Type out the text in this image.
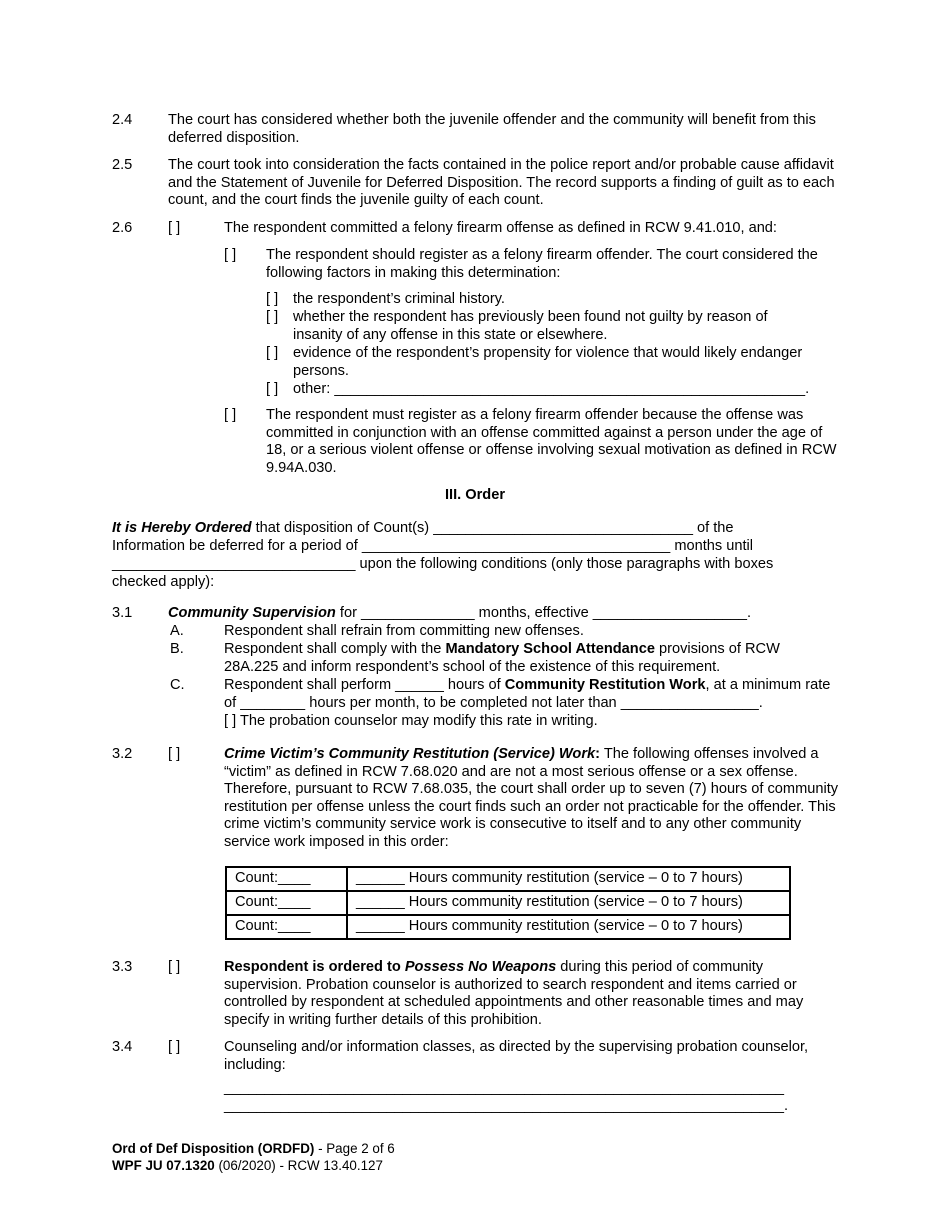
2.4 The court has considered whether both the juvenile offender and the community will benefit from this deferred disposition.
2.5 The court took into consideration the facts contained in the police report and/or probable cause affidavit and the Statement of Juvenile for Deferred Disposition. The record supports a finding of guilt as to each count, and the court finds the juvenile guilty of each count.
2.6 [ ]	The respondent committed a felony firearm offense as defined in RCW 9.41.010, and:
[ ] The respondent should register as a felony firearm offender. The court considered the following factors in making this determination:
[ ] the respondent’s criminal history.
[ ] whether the respondent has previously been found not guilty by reason of insanity of any offense in this state or elsewhere.
[ ] evidence of the respondent’s propensity for violence that would likely endanger persons.
[ ] other: __________________________________________________________.
[ ] The respondent must register as a felony firearm offender because the offense was committed in conjunction with an offense committed against a person under the age of 18, or a serious violent offense or offense involving sexual motivation as defined in RCW 9.94A.030.
III. Order
It is Hereby Ordered that disposition of Count(s) ________________________________ of the
Information be deferred for a period of ______________________________________ months until
______________________________ upon the following conditions (only those paragraphs with boxes
checked apply):
3.1 Community Supervision for ______________ months, effective ___________________.
A.	Respondent shall refrain from committing new offenses.
B.	Respondent shall comply with the Mandatory School Attendance provisions of RCW 28A.225 and inform respondent’s school of the existence of this requirement.
C.	Respondent shall perform ______ hours of Community Restitution Work, at a minimum rate of ________ hours per month, to be completed not later than _________________.
[ ] The probation counselor may modify this rate in writing.
3.2 [ ]	Crime Victim’s Community Restitution (Service) Work: The following offenses involved a “victim” as defined in RCW 7.68.020 and are not a most serious offense or a sex offense. Therefore, pursuant to RCW 7.68.035, the court shall order up to seven (7) hours of community restitution per offense unless the court finds such an order not practicable for the offender. This crime victim’s community service work is consecutive to itself and to any other community service work imposed in this order:
Count:____	______ Hours community restitution (service – 0 to 7 hours)
Count:____	______ Hours community restitution (service – 0 to 7 hours)
Count:____	______ Hours community restitution (service – 0 to 7 hours)
3.3 [ ]	Respondent is ordered to Possess No Weapons during this period of community supervision. Probation counselor is authorized to search respondent and items carried or controlled by respondent at scheduled appointments and other reasonable times and may specify in writing further details of this prohibition.
3.4 [ ]	Counseling and/or information classes, as directed by the supervising probation counselor, including:
_____________________________________________________________________
_____________________________________________________________________.
Ord of Def Disposition (ORDFD) - Page 2 of 6
WPF JU 07.1320 (06/2020) - RCW 13.40.127
